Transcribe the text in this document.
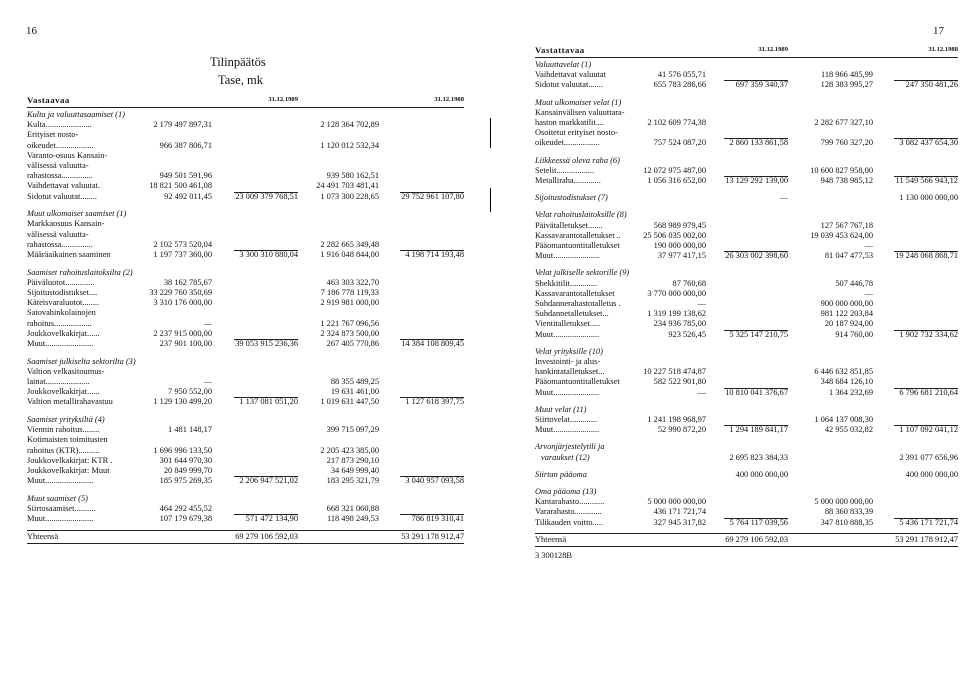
16	17
Tilinpäätös
Tase, mk
Vastaavaa	31.12.1989	31.12.1988
Kulta ja valuuttasaamiset (1)
Kulta......................	2 179 497 897,31	2 128 364 702,89
Erityiset nosto-
oikeudet..................	966 387 806,71	1 120 012 532,34
Varanto-osuus Kansain-
välisessä valuutta-
rahastossa...............	949 501 591,96	939 580 162,51
Vaihdettavat valuutat.	18 821 500 461,08	24 491 703 481,41
Sidotut valuutat........	92 492 011,45	23 009 379 768,51	1 073 300 228,65	29 752 961 107,80
Muut ulkomaiset saamiset (1)
Markkaosuus Kansain-
välisessä valuutta-
rahastossa...............	2 102 573 520,04	2 282 665 349,48
Määräaikainen saaminen	1 197 737 360,00	3 300 310 880,04	1 916 048 844,00	4 198 714 193,48
Saamiset rahoituslaitoksilta (2)
Päiväluotot..............	38 162 785,67	463 303 322,70
Sijoitustodistukset....	33 229 760 350,69	7 186 778 119,33
Käteisvaraluotot........	3 310 176 000,00	2 919 981 000,00
Satovahinkolainojen
rahoitus..................	—	1 221 767 096,56
Joukkovelkakirjat......	2 237 915 000,00	2 324 873 500,00
Muut.......................	237 901 100,00	39 053 915 236,36	267 405 770,86	14 384 108 809,45
Saamiset julkiselta sektorilta (3)
Valtion velkasitoumus-
lainat.....................	—	88 355 489,25
Joukkovelkakirjat......	7 950 552,00	19 631 461,00
Valtion metallirahavastuu	1 129 130 499,20	1 137 081 051,20	1 019 631 447,50	1 127 618 397,75
Saamiset yrityksiltä (4)
Viennin rahoitus........	1 481 148,17	399 715 097,29
Kotimaisten toimitusten
rahoitus (KTR)..........	1 696 996 133,50	2 205 423 385,00
Joukkovelkakirjat: KTR .	301 644 970,30	217 873 290,10
Joukkovelkakirjat: Muut	20 849 999,70	34 649 999,40
Muut.......................	185 975 269,35	2 206 947 521,02	183 295 321,79	3 040 957 093,58
Muut saamiset (5)
Siirtosaamiset..........	464 292 455,52	668 321 060,88
Muut.......................	107 179 679,38	571 472 134,90	118 498 249,53	786 819 310,41
Yhteensä	69 279 106 592,03	53 291 178 912,47
Vastattavaa	31.12.1989	31.12.1988
Valuuttavelat (1)
Vaihdettavat valuutat	41 576 055,71	118 966 485,99
Sidotut valuutat.......	655 783 286,66	697 359 340,37	128 383 995,27	247 350 481,26
Muut ulkomaiset velat (1)
Kansainvälisen valuuttara-
haston markkatilit....	2 102 609 774,38	2 282 677 327,10
Osoitetut erityiset nosto-
oikeudet.................	757 524 087,20	2 860 133 861,58	799 760 327,20	3 082 437 654,30
Liikkeessä oleva raha (6)
Setelit..................	12 072 975 487,00	10 600 827 958,00
Metalliraha.............	1 056 316 652,00	13 129 292 139,00	948 738 985,12	11 549 566 943,12
Sijoitustodistukset (7)	—	1 130 000 000,00
Velat rahoituslaitoksille (8)
Päivätalletukset.......	568 989 979,45	127 567 767,18
Kassavarantotalletukset ..	25 506 035 002,00	19 039 453 624,00
Pääomantuontitalletukset	190 000 000,00	—
Muut......................	37 977 417,15	26 303 002 398,60	81 047 477,53	19 248 068 868,71
Velat julkiselle sektorille (9)
Shekkitilit.............	87 760,68	507 446,78
Kassavarantotalletukset	3 770 000 000,00	—
Suhdannerahastotalletus .	—	900 000 000,00
Suhdannetalletukset...	1 319 199 138,62	981 122 203,84
Vientitalletukset.....	234 936 785,00	20 187 924,00
Muut......................	923 526,45	5 325 147 210,75	914 760,00	1 902 732 334,62
Velat yrityksille (10)
Investointi- ja alus-
hankintatalletukset...	10 227 518 474,87	6 446 632 851,85
Pääomantuontitalletukset	582 522 901,80	348 684 126,10
Muut......................	—	10 810 041 376,67	1 364 232,69	6 796 681 210,64
Muut velat (11)
Siirtovelat.............	1 241 198 968,97	1 064 137 008,30
Muut......................	52 990 872,20	1 294 189 841,17	42 955 032,82	1 107 092 041,12
Arvonjärjestelytili ja
varaukset (12)	2 695 823 384,33	2 391 077 656,96
Siirtan pääoma	400 000 000,00	400 000 000,00
Oma pääoma (13)
Kantarahasto............	5 000 000 000,00	5 000 000 000,00
Vararahasto.............	436 171 721,74	88 360 833,39
Tilikauden voitto.....	327 945 317,82	5 764 117 039,56	347 810 888,35	5 436 171 721,74
Yhteensä	69 279 106 592,03	53 291 178 912,47
3 300128B
